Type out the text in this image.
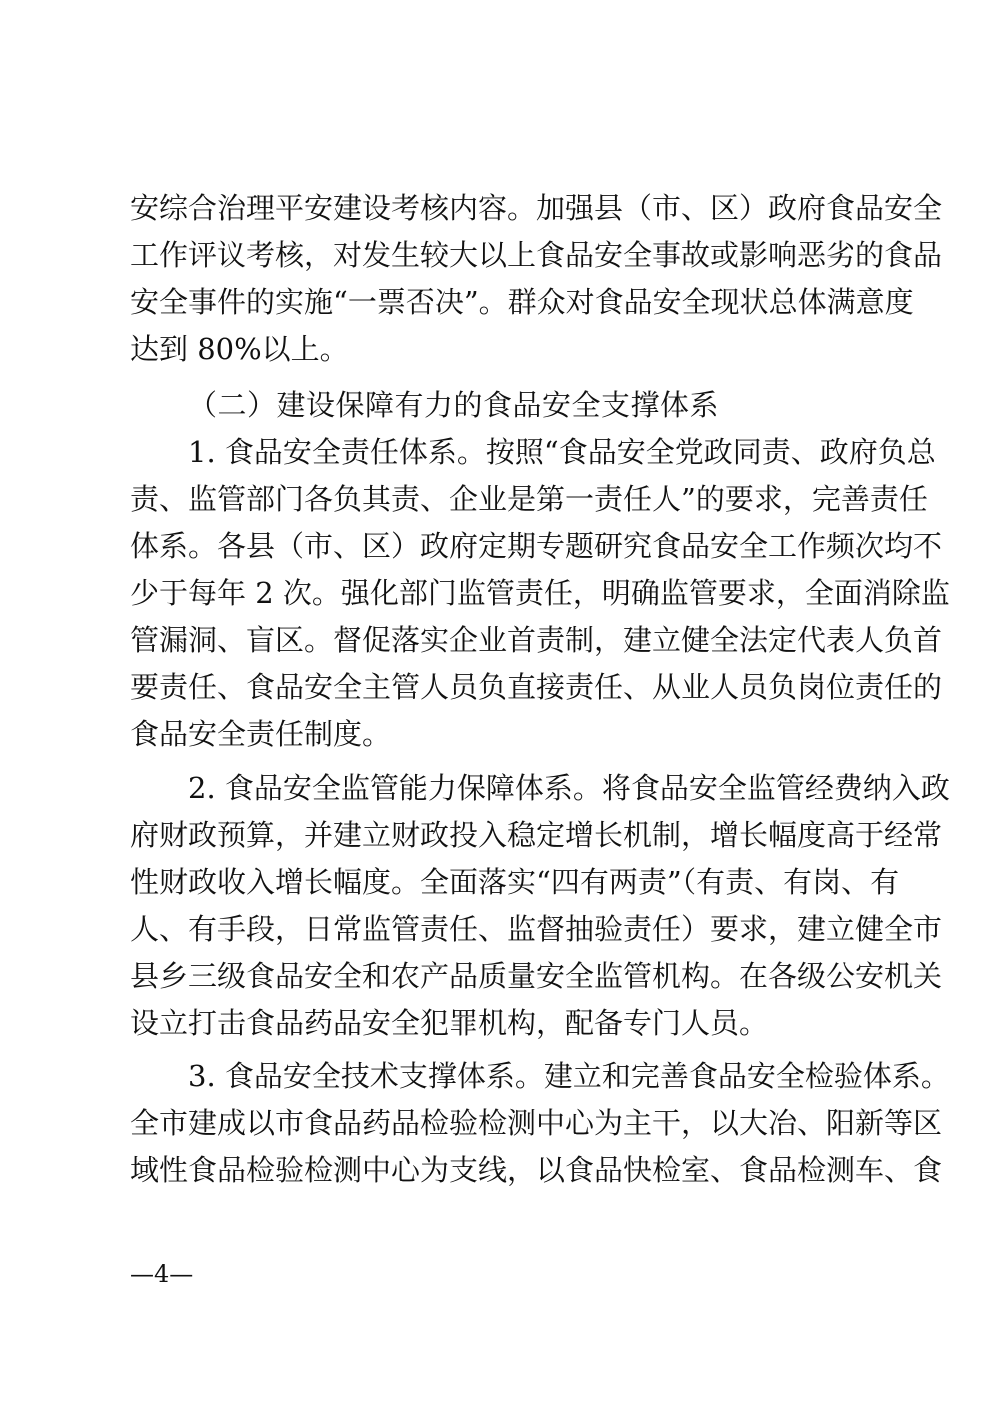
安综合治理平安建设考核内容。加强县（市、区）政府食品安全
工作评议考核，对发生较大以上食品安全事故或影响恶劣的食品
安全事件的实施“一票否决”。群众对食品安全现状总体满意度
达到 80%以上。
（二）建设保障有力的食品安全支撑体系
1. 食品安全责任体系。按照“食品安全党政同责、政府负总
责、监管部门各负其责、企业是第一责任人”的要求，完善责任
体系。各县（市、区）政府定期专题研究食品安全工作频次均不
少于每年 2 次。强化部门监管责任，明确监管要求，全面消除监
管漏洞、盲区。督促落实企业首责制，建立健全法定代表人负首
要责任、食品安全主管人员负直接责任、从业人员负岗位责任的
食品安全责任制度。
2. 食品安全监管能力保障体系。将食品安全监管经费纳入政
府财政预算，并建立财政投入稳定增长机制，增长幅度高于经常
性财政收入增长幅度。全面落实“四有两责”（有责、有岗、有
人、有手段，日常监管责任、监督抽验责任）要求，建立健全市
县乡三级食品安全和农产品质量安全监管机构。在各级公安机关
设立打击食品药品安全犯罪机构，配备专门人员。
3. 食品安全技术支撑体系。建立和完善食品安全检验体系。
全市建成以市食品药品检验检测中心为主干，以大冶、阳新等区
域性食品检验检测中心为支线，以食品快检室、食品检测车、食
—4—
